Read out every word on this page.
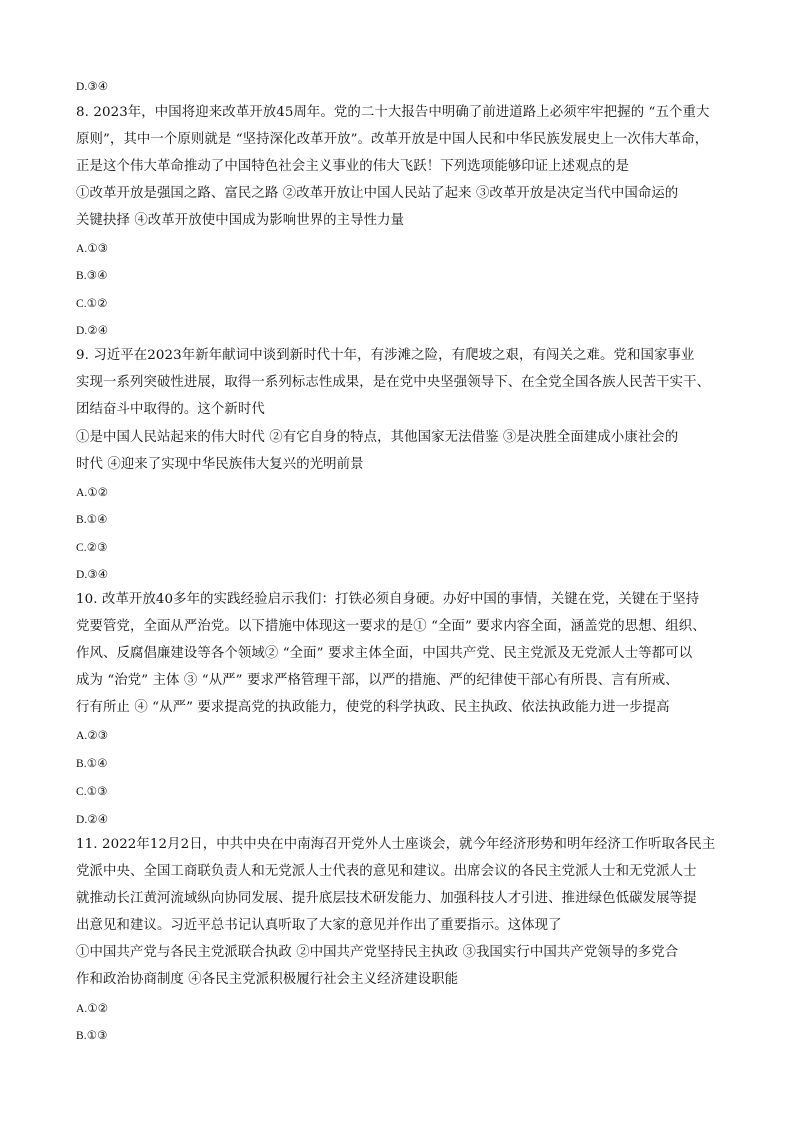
D.③④
8. 2023年，中国将迎来改革开放45周年。党的二十大报告中明确了前进道路上必须牢牢把握的 “五个重大
原则”，其中一个原则就是 “坚持深化改革开放”。改革开放是中国人民和中华民族发展史上一次伟大革命，
正是这个伟大革命推动了中国特色社会主义事业的伟大飞跃！下列选项能够印证上述观点的是
①改革开放是强国之路、富民之路 ②改革开放让中国人民站了起来 ③改革开放是决定当代中国命运的
关键抉择 ④改革开放使中国成为影响世界的主导性力量
A.①③
B.③④
C.①②
D.②④
9. 习近平在2023年新年献词中谈到新时代十年，有涉滩之险，有爬坡之艰，有闯关之难。党和国家事业
实现一系列突破性进展，取得一系列标志性成果，是在党中央坚强领导下、在全党全国各族人民苦干实干、
团结奋斗中取得的。这个新时代
①是中国人民站起来的伟大时代 ②有它自身的特点，其他国家无法借鉴 ③是决胜全面建成小康社会的
时代 ④迎来了实现中华民族伟大复兴的光明前景
A.①②
B.①④
C.②③
D.③④
10. 改革开放40多年的实践经验启示我们：打铁必须自身硬。办好中国的事情，关键在党，关键在于坚持
党要管党，全面从严治党。以下措施中体现这一要求的是① “全面” 要求内容全面，涵盖党的思想、组织、
作风、反腐倡廉建设等各个领域② “全面” 要求主体全面，中国共产党、民主党派及无党派人士等都可以
成为 “治党” 主体 ③ “从严” 要求严格管理干部，以严的措施、严的纪律使干部心有所畏、言有所戒、
行有所止 ④ “从严” 要求提高党的执政能力，使党的科学执政、民主执政、依法执政能力进一步提高
A.②③
B.①④
C.①③
D.②④
11. 2022年12月2日，中共中央在中南海召开党外人士座谈会，就今年经济形势和明年经济工作听取各民主
党派中央、全国工商联负责人和无党派人士代表的意见和建议。出席会议的各民主党派人士和无党派人士
就推动长江黄河流域纵向协同发展、提升底层技术研发能力、加强科技人才引进、推进绿色低碳发展等提
出意见和建议。习近平总书记认真听取了大家的意见并作出了重要指示。这体现了
①中国共产党与各民主党派联合执政 ②中国共产党坚持民主执政 ③我国实行中国共产党领导的多党合
作和政治协商制度 ④各民主党派积极履行社会主义经济建设职能
A.①②
B.①③
